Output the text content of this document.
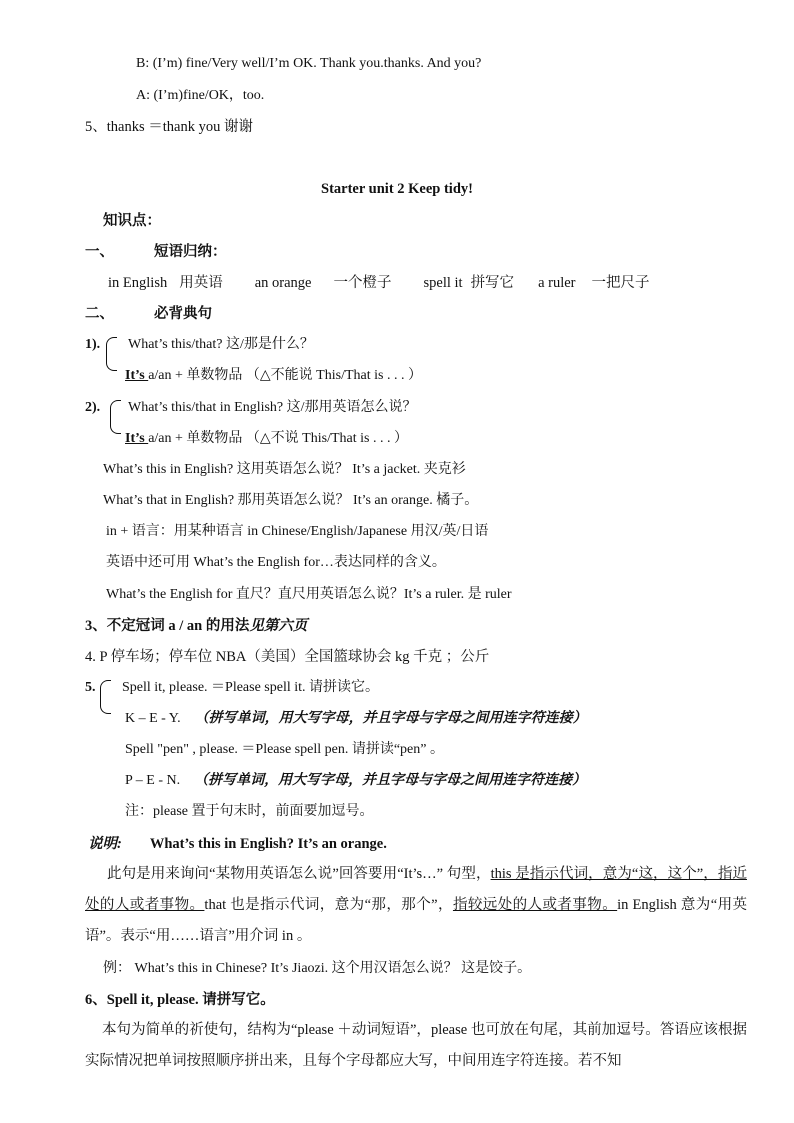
B: (I’m) fine/Very well/I’m OK. Thank you.thanks. And you?
A: (I’m)fine/OK，too.
5、thanks ＝thank you 谢谢
Starter unit 2 Keep tidy!
知识点：
一、	短语归纳：
in English 用英语 an orange 一个橙子 spell it 拼写它 a ruler 一把尺子
二、	必背典句
1). What’s this/that? 这/那是什么？
It’s a/an + 单数物品 （△不能说 This/That is . . . ）
2). What’s this/that in English? 这/那用英语怎么说？
It’s a/an + 单数物品 （△不说 This/That is . . . ）
What’s this in English? 这用英语怎么说？ It’s a jacket. 夹克衫
What’s that in English? 那用英语怎么说？ It’s an orange. 橘子。
in + 语言：用某种语言 in Chinese/English/Japanese 用汉/英/日语
英语中还可用 What’s the English for…表达同样的含义。
What’s the English for 直尺？直尺用英语怎么说？It’s a ruler. 是 ruler
3、不定冠词 a / an 的用法见第六页
4. P 停车场；停车位 NBA（美国）全国篮球协会 kg 千克 ；公斤
5. Spell it, please. ＝Please spell it. 请拼读它。
K – E - Y. （拼写单词，用大写字母，并且字母与字母之间用连字符连接）
Spell "pen" , please. ＝Please spell pen. 请拼读“pen” 。
P – E - N. （拼写单词，用大写字母，并且字母与字母之间用连字符连接）
注：please 置于句末时，前面要加逗号。
说明: What’s this in English? It’s an orange.
此句是用来询问“某物用英语怎么说”回答要用“It’s…” 句型，this 是指示代词，意为“这，这个”，指近处的人或者事物。that 也是指示代词，意为“那，那个”，指较远处的人或者事物。in English 意为“用英语”。表示“用……语言”用介词 in 。
例： What’s this in Chinese? It’s Jiaozi. 这个用汉语怎么说？ 这是饺子。
6、Spell it, please. 请拼写它。
本句为简单的祈使句，结构为“please ＋动词短语”，please 也可放在句尾，其前加逗号。答语应该根据实际情况把单词按照顺序拼出来，且每个字母都应大写，中间用连字符连接。若不知
